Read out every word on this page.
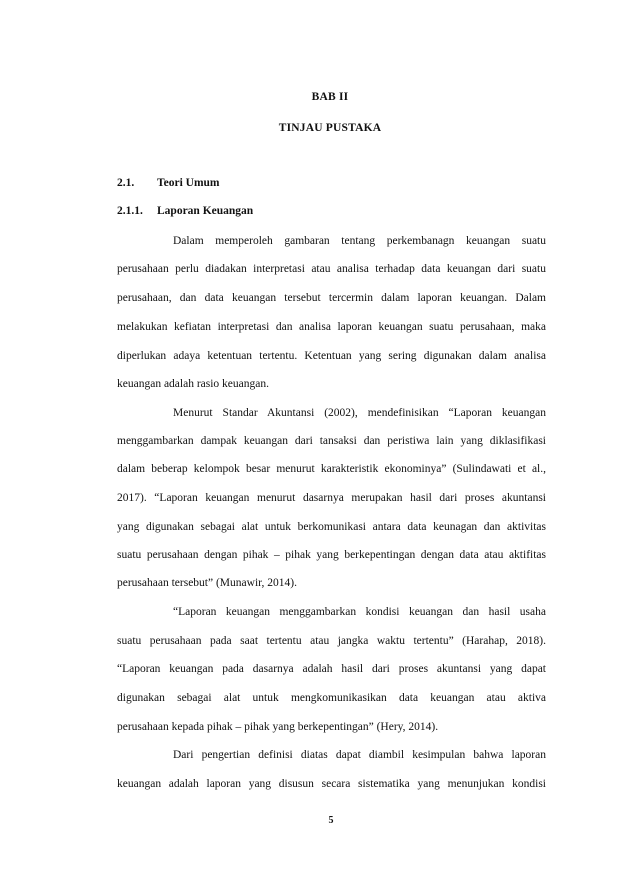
BAB II
TINJAU PUSTAKA
2.1. Teori Umum
2.1.1. Laporan Keuangan
Dalam memperoleh gambaran tentang perkembanagn keuangan suatu
perusahaan perlu diadakan interpretasi atau analisa terhadap data keuangan dari suatu
perusahaan, dan data keuangan tersebut tercermin dalam laporan keuangan. Dalam
melakukan kefiatan interpretasi dan analisa laporan keuangan suatu perusahaan, maka
diperlukan adaya ketentuan tertentu. Ketentuan yang sering digunakan dalam analisa
keuangan adalah rasio keuangan.
Menurut Standar Akuntansi (2002), mendefinisikan “Laporan keuangan
menggambarkan dampak keuangan dari tansaksi dan peristiwa lain yang diklasifikasi
dalam beberap kelompok besar menurut karakteristik ekonominya” (Sulindawati et al.,
2017). “Laporan keuangan menurut dasarnya merupakan hasil dari proses akuntansi
yang digunakan sebagai alat untuk berkomunikasi antara data keunagan dan aktivitas
suatu perusahaan dengan pihak – pihak yang berkepentingan dengan data atau aktifitas
perusahaan tersebut” (Munawir, 2014).
“Laporan keuangan menggambarkan kondisi keuangan dan hasil usaha
suatu perusahaan pada saat tertentu atau jangka waktu tertentu” (Harahap, 2018).
“Laporan keuangan pada dasarnya adalah hasil dari proses akuntansi yang dapat
digunakan sebagai alat untuk mengkomunikasikan data keuangan atau aktiva
perusahaan kepada pihak – pihak yang berkepentingan” (Hery, 2014).
Dari pengertian definisi diatas dapat diambil kesimpulan bahwa laporan
keuangan adalah laporan yang disusun secara sistematika yang menunjukan kondisi
5
